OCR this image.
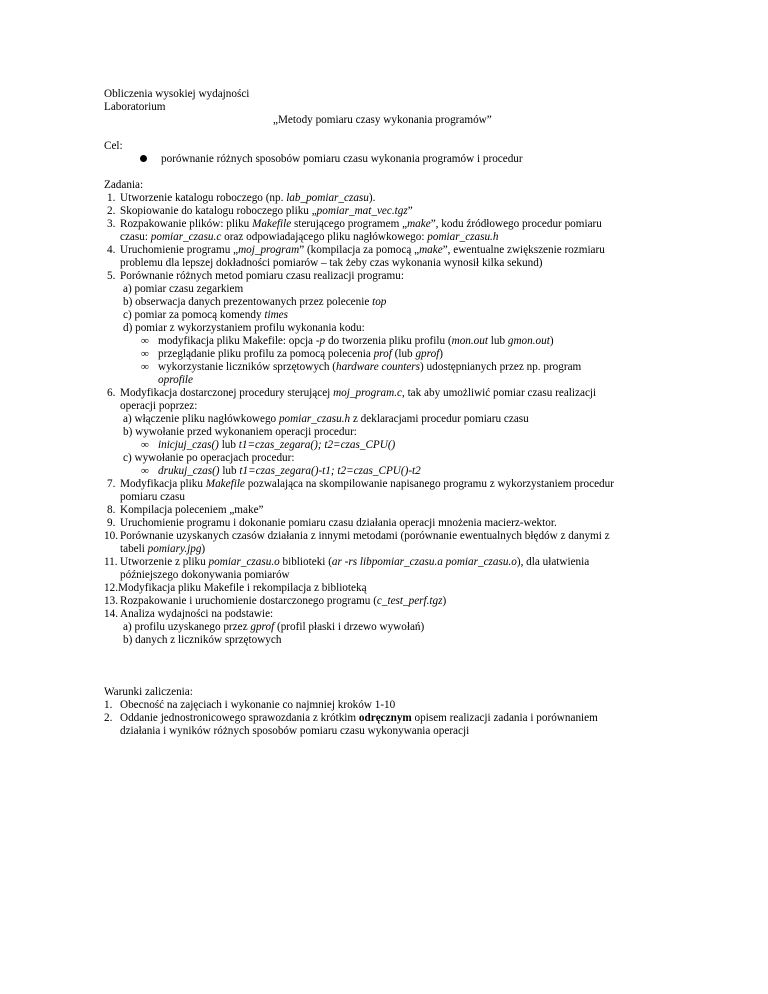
Obliczenia wysokiej wydajności
Laboratorium
„Metody pomiaru czasy wykonania programów”
Cel:
porównanie różnych sposobów pomiaru czasu wykonania programów i procedur
Zadania:
1. Utworzenie katalogu roboczego (np. lab_pomiar_czasu).
2. Skopiowanie do katalogu roboczego pliku „pomiar_mat_vec.tgz”
3. Rozpakowanie plików: pliku Makefile sterującego programem „make”, kodu źródłowego procedur pomiaru
czasu: pomiar_czasu.c oraz odpowiadającego pliku nagłówkowego: pomiar_czasu.h
4. Uruchomienie programu „moj_program” (kompilacja za pomocą „make”, ewentualne zwiększenie rozmiaru
problemu dla lepszej dokładności pomiarów – tak żeby czas wykonania wynosił kilka sekund)
5. Porównanie różnych metod pomiaru czasu realizacji programu:
a) pomiar czasu zegarkiem
b) obserwacja danych prezentowanych przez polecenie top
c) pomiar za pomocą komendy times
d) pomiar z wykorzystaniem profilu wykonania kodu:
∞ modyfikacja pliku Makefile: opcja -p do tworzenia pliku profilu (mon.out lub gmon.out)
∞ przeglądanie pliku profilu za pomocą polecenia prof (lub gprof)
∞ wykorzystanie liczników sprzętowych (hardware counters) udostępnianych przez np. program
oprofile
6. Modyfikacja dostarczonej procedury sterującej moj_program.c, tak aby umożliwić pomiar czasu realizacji
operacji poprzez:
a) włączenie pliku nagłówkowego pomiar_czasu.h z deklaracjami procedur pomiaru czasu
b) wywołanie przed wykonaniem operacji procedur:
∞ inicjuj_czas() lub t1=czas_zegara(); t2=czas_CPU()
c) wywołanie po operacjach procedur:
∞ drukuj_czas() lub t1=czas_zegara()-t1; t2=czas_CPU()-t2
7. Modyfikacja pliku Makefile pozwalająca na skompilowanie napisanego programu z wykorzystaniem procedur
pomiaru czasu
8. Kompilacja poleceniem „make”
9. Uruchomienie programu i dokonanie pomiaru czasu działania operacji mnożenia macierz-wektor.
10. Porównanie uzyskanych czasów działania z innymi metodami (porównanie ewentualnych błędów z danymi z
tabeli pomiary.jpg)
11. Utworzenie z pliku pomiar_czasu.o biblioteki (ar -rs libpomiar_czasu.a pomiar_czasu.o), dla ułatwienia
późniejszego dokonywania pomiarów
12. Modyfikacja pliku Makefile i rekompilacja z biblioteką
13. Rozpakowanie i uruchomienie dostarczonego programu (c_test_perf.tgz)
14. Analiza wydajności na podstawie:
a) profilu uzyskanego przez gprof (profil płaski i drzewo wywołań)
b) danych z liczników sprzętowych
Warunki zaliczenia:
1. Obecność na zajęciach i wykonanie co najmniej kroków 1-10
2. Oddanie jednostronicowego sprawozdania z krótkim odręcznym opisem realizacji zadania i porównaniem
działania i wyników różnych sposobów pomiaru czasu wykonywania operacji
